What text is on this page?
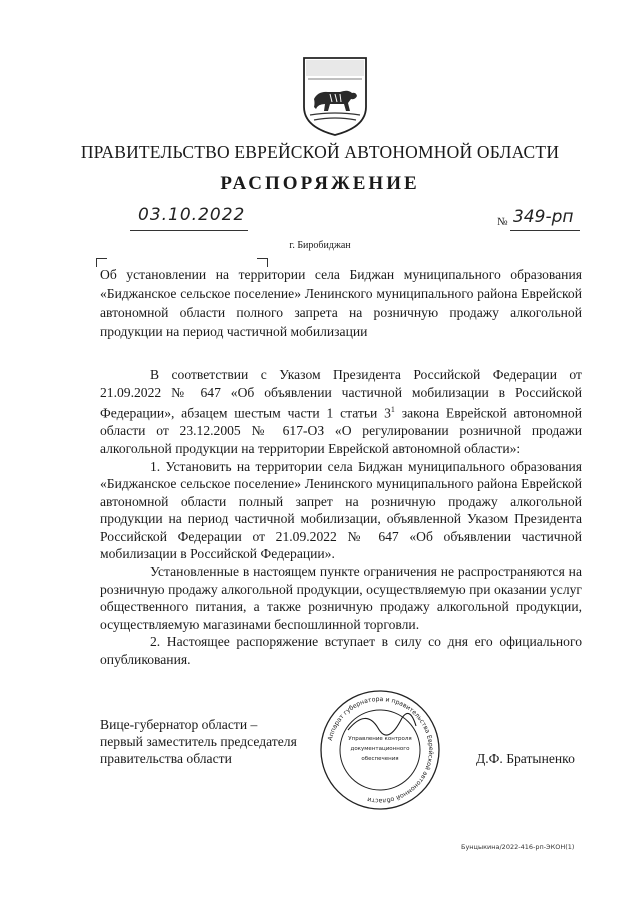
ПРАВИТЕЛЬСТВО ЕВРЕЙСКОЙ АВТОНОМНОЙ ОБЛАСТИ
РАСПОРЯЖЕНИЕ
03.10.2022	№ 349-рп
г. Биробиджан
Об установлении на территории села Биджан муниципального образования «Биджанское сельское поселение» Ленинского муниципального района Еврейской автономной области полного запрета на розничную продажу алкогольной продукции на период частичной мобилизации

В соответствии с Указом Президента Российской Федерации от 21.09.2022 № 647 «Об объявлении частичной мобилизации в Российской Федерации», абзацем шестым части 1 статьи $3^1$ закона Еврейской автономной области от 23.12.2005 № 617-ОЗ «О регулировании розничной продажи алкогольной продукции на территории Еврейской автономной области»:

1. Установить на территории села Биджан муниципального образования «Биджанское сельское поселение» Ленинского муниципального района Еврейской автономной области полный запрет на розничную продажу алкогольной продукции на период частичной мобилизации, объявленной Указом Президента Российской Федерации от 21.09.2022 № 647 «Об объявлении частичной мобилизации в Российской Федерации».

Установленные в настоящем пункте ограничения не распространяются на розничную продажу алкогольной продукции, осуществляемую при оказании услуг общественного питания, а также розничную продажу алкогольной продукции, осуществляемую магазинами беспошлинной торговли.

2. Настоящее распоряжение вступает в силу со дня его официального опубликования.

Вице-губернатор области –
первый заместитель председателя
правительства области
Аппарат губернатора и правительства Еврейской автономной области
Управление контроля
документационного
обеспечения	Д.Ф. Братыненко
Бунцыкина/2022-416-рп-ЭКОН(1)
